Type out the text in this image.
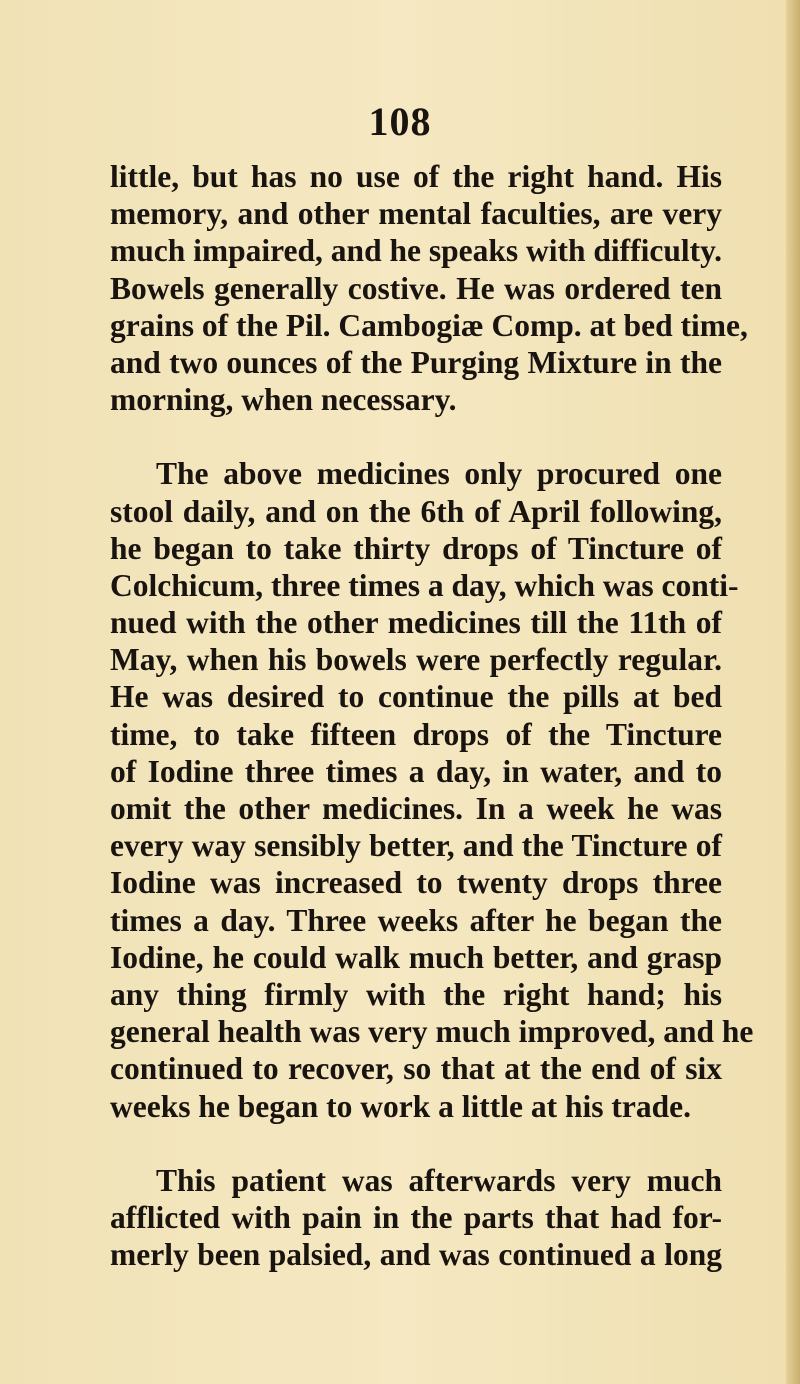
108
little, but has no use of the right hand. His
memory, and other mental faculties, are very
much impaired, and he speaks with difficulty.
Bowels generally costive. He was ordered ten
grains of the Pil. Cambogiæ Comp. at bed time,
and two ounces of the Purging Mixture in the
morning, when necessary.
The above medicines only procured one
stool daily, and on the 6th of April following,
he began to take thirty drops of Tincture of
Colchicum, three times a day, which was conti-
nued with the other medicines till the 11th of
May, when his bowels were perfectly regular.
He was desired to continue the pills at bed
time, to take fifteen drops of the Tincture
of Iodine three times a day, in water, and to
omit the other medicines. In a week he was
every way sensibly better, and the Tincture of
Iodine was increased to twenty drops three
times a day. Three weeks after he began the
Iodine, he could walk much better, and grasp
any thing firmly with the right hand; his
general health was very much improved, and he
continued to recover, so that at the end of six
weeks he began to work a little at his trade.
This patient was afterwards very much
afflicted with pain in the parts that had for-
merly been palsied, and was continued a long
